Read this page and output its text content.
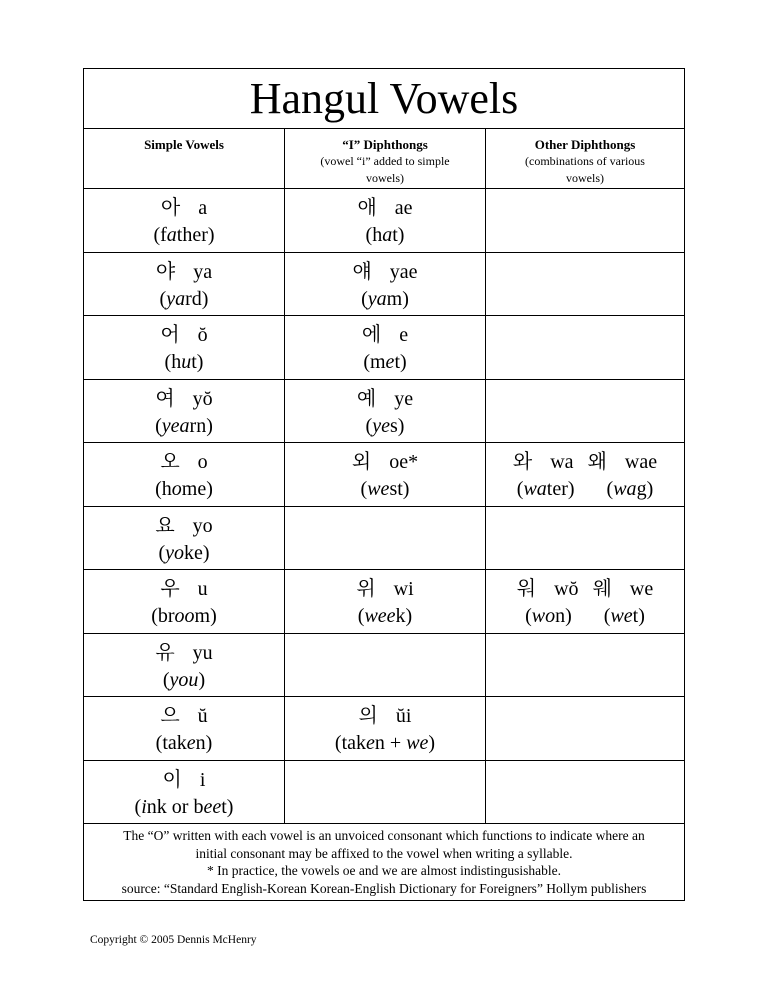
Hangul Vowels
Simple Vowels	“I” Diphthongs
(vowel “i” added to simple
vowels)
Other Diphthongs
(combinations of various
vowels)
아 a
(father)
애 ae
(hat)
야 ya
(yard)
얘 yae
(yam)
어 ŏ
(hut)
에 e
(met)
여 yŏ
(yearn)
예 ye
(yes)
오 o
(home)
외 oe*
(west)
와 wa 왜 wae
(water) (wag)
요 yo
(yoke)
우 u
(broom)
위 wi
(week)
워 wŏ 웨 we
(won) (wet)
유 yu
(you)
으 ŭ
(taken)
의 ŭi
(taken + we)
이 i
(ink or beet)
The “O” written with each vowel is an unvoiced consonant which functions to indicate where an
initial consonant may be affixed to the vowel when writing a syllable.
* In practice, the vowels oe and we are almost indistingusishable.
source: “Standard English-Korean Korean-English Dictionary for Foreigners” Hollym publishers
Copyright © 2005 Dennis McHenry
